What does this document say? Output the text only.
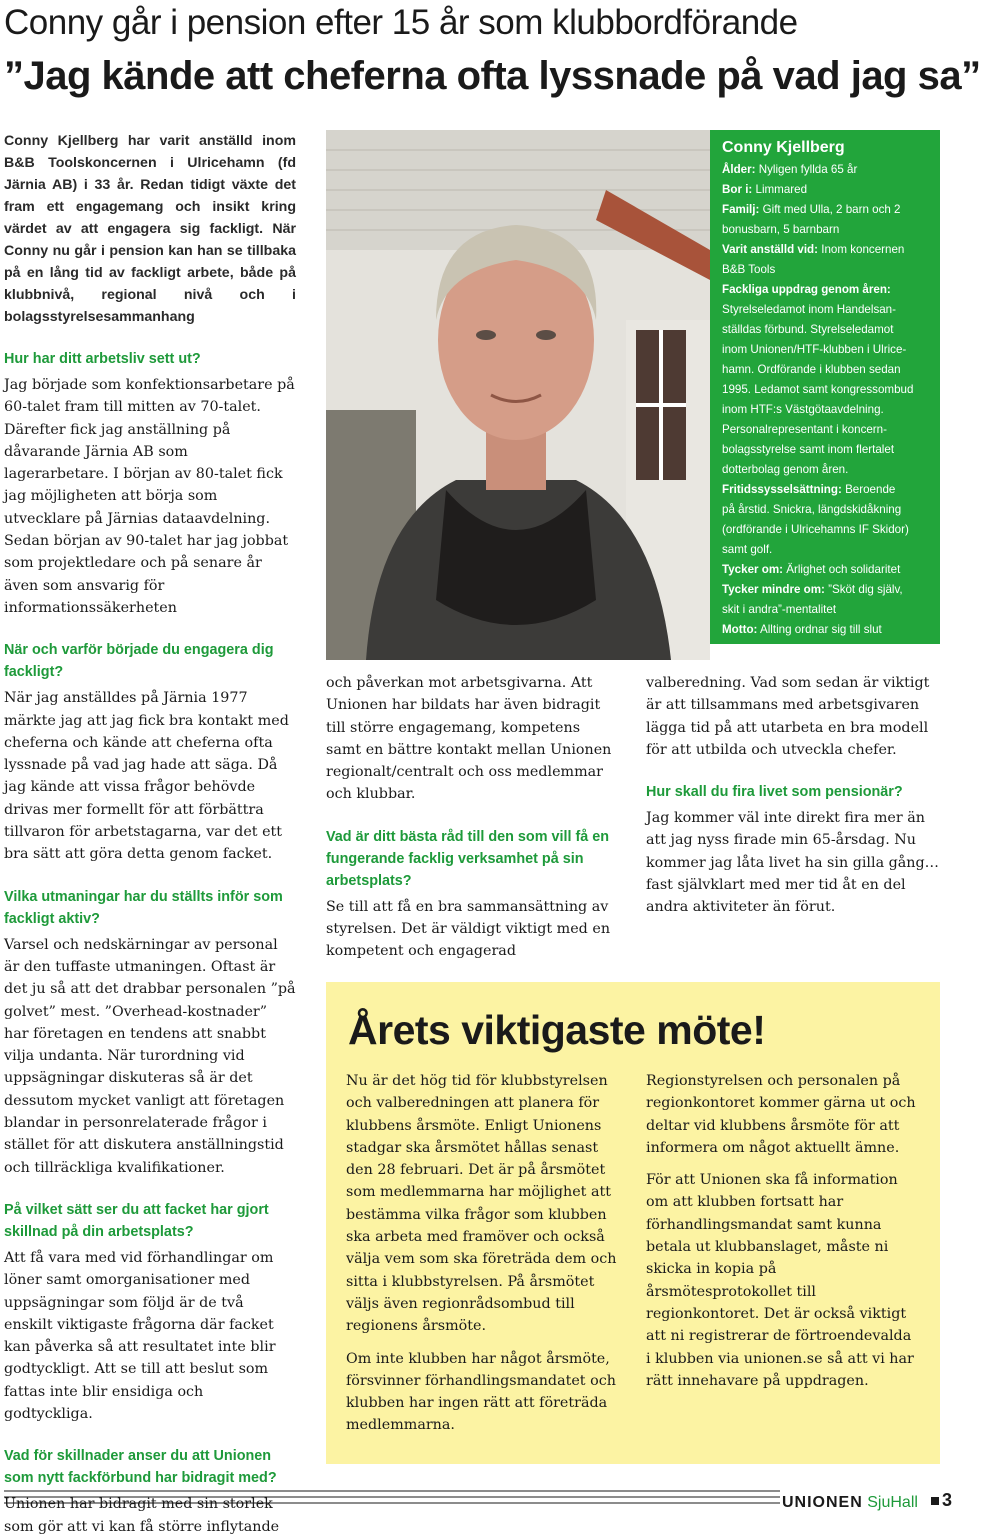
Conny går i pension efter 15 år som klubbordförande
”Jag kände att cheferna ofta lyssnade på vad jag sa”
Conny Kjellberg har varit anställd inom B&B Toolskoncernen i Ulricehamn (fd Järnia AB) i 33 år. Redan tidigt växte det fram ett engagemang och insikt kring värdet av att engagera sig fackligt. När Conny nu går i pension kan han se tillbaka på en lång tid av fackligt arbete, både på klubbnivå, regional nivå och i bolagsstyrelsesammanhang
Hur har ditt arbetsliv sett ut?
Jag började som konfektionsarbetare på 60-talet fram till mitten av 70-talet. Därefter fick jag anställning på dåvarande Järnia AB som lagerarbetare. I början av 80-talet fick jag möjligheten att börja som utvecklare på Järnias dataavdelning. Sedan början av 90-talet har jag jobbat som projektledare och på senare år även som ansvarig för informationssäkerheten
När och varför började du engagera dig fackligt?
När jag anställdes på Järnia 1977 märkte jag att jag fick bra kontakt med cheferna och kände att cheferna ofta lyssnade på vad jag hade att säga. Då jag kände att vissa frågor behövde drivas mer formellt för att förbättra tillvaron för arbetstagarna, var det ett bra sätt att göra detta genom facket.
Vilka utmaningar har du ställts inför som fackligt aktiv?
Varsel och nedskärningar av personal är den tuffaste utmaningen. Oftast är det ju så att det drabbar personalen ”på golvet” mest. ”Overhead-kostnader” har företagen en tendens att snabbt vilja undanta. När turordning vid uppsägningar diskuteras så är det dessutom mycket vanligt att företagen blandar in personrelaterade frågor i stället för att diskutera anställningstid och tillräckliga kvalifikationer.
På vilket sätt ser du att facket har gjort skillnad på din arbetsplats?
Att få vara med vid förhandlingar om löner samt omorganisationer med uppsägningar som följd är de två enskilt viktigaste frågorna där facket kan påverka så att resultatet inte blir godtyckligt. Att se till att beslut som fattas inte blir ensidiga och godtyckliga.
Vad för skillnader anser du att Unionen som nytt fackförbund har bidragit med?
Unionen har bidragit med sin storlek som gör att vi kan få större inflytande
Conny Kjellberg
Ålder: Nyligen fyllda 65 år
Bor i: Limmared
Familj: Gift med Ulla, 2 barn och 2
bonusbarn, 5 barnbarn
Varit anställd vid: Inom koncernen
B&B Tools
Fackliga uppdrag genom åren:
Styrelseledamot inom Handelsan-
ställdas förbund. Styrelseledamot
inom Unionen/HTF-klubben i Ulrice-
hamn. Ordförande i klubben sedan
1995. Ledamot samt kongressombud
inom HTF:s Västgötaavdelning.
Personalrepresentant i koncern-
bolagsstyrelse samt inom flertalet
dotterbolag genom åren.
Fritidssysselsättning: Beroende
på årstid. Snickra, längdskidåkning
(ordförande i Ulricehamns IF Skidor)
samt golf.
Tycker om: Ärlighet och solidaritet
Tycker mindre om: ”Sköt dig själv,
skit i andra”-mentalitet
Motto: Allting ordnar sig till slut
och påverkan mot arbetsgivarna. Att Unionen har bildats har även bidragit till större engagemang, kompetens samt en bättre kontakt mellan Unionen regionalt/centralt och oss medlemmar och klubbar.
Vad är ditt bästa råd till den som vill få en fungerande facklig verksamhet på sin arbetsplats?
Se till att få en bra sammansättning av styrelsen. Det är väldigt viktigt med en kompetent och engagerad
valberedning. Vad som sedan är viktigt är att tillsammans med arbetsgivaren lägga tid på att utarbeta en bra modell för att utbilda och utveckla chefer.
Hur skall du fira livet som pensionär?
Jag kommer väl inte direkt fira mer än att jag nyss firade min 65-årsdag. Nu kommer jag låta livet ha sin gilla gång… fast självklart med mer tid åt en del andra aktiviteter än förut.
Årets viktigaste möte!
Nu är det hög tid för klubbstyrelsen och valberedningen att planera för klubbens årsmöte. Enligt Unionens stadgar ska årsmötet hållas senast den 28 februari. Det är på årsmötet som medlemmarna har möjlighet att bestämma vilka frågor som klubben ska arbeta med framöver och också välja vem som ska företräda dem och sitta i klubbstyrelsen. På årsmötet väljs även regionrådsombud till regionens årsmöte.
Om inte klubben har något årsmöte, försvinner förhandlingsmandatet och klubben har ingen rätt att företräda medlemmarna.
Regionstyrelsen och personalen på regionkontoret kommer gärna ut och deltar vid klubbens årsmöte för att informera om något aktuellt ämne.
För att Unionen ska få information om att klubben fortsatt har förhandlingsmandat samt kunna betala ut klubbanslaget, måste ni skicka in kopia på årsmötesprotokollet till regionkontoret. Det är också viktigt att ni registrerar de förtroendevalda i klubben via unionen.se så att vi har rätt innehavare på uppdragen.
UNIONEN SjuHall 3
